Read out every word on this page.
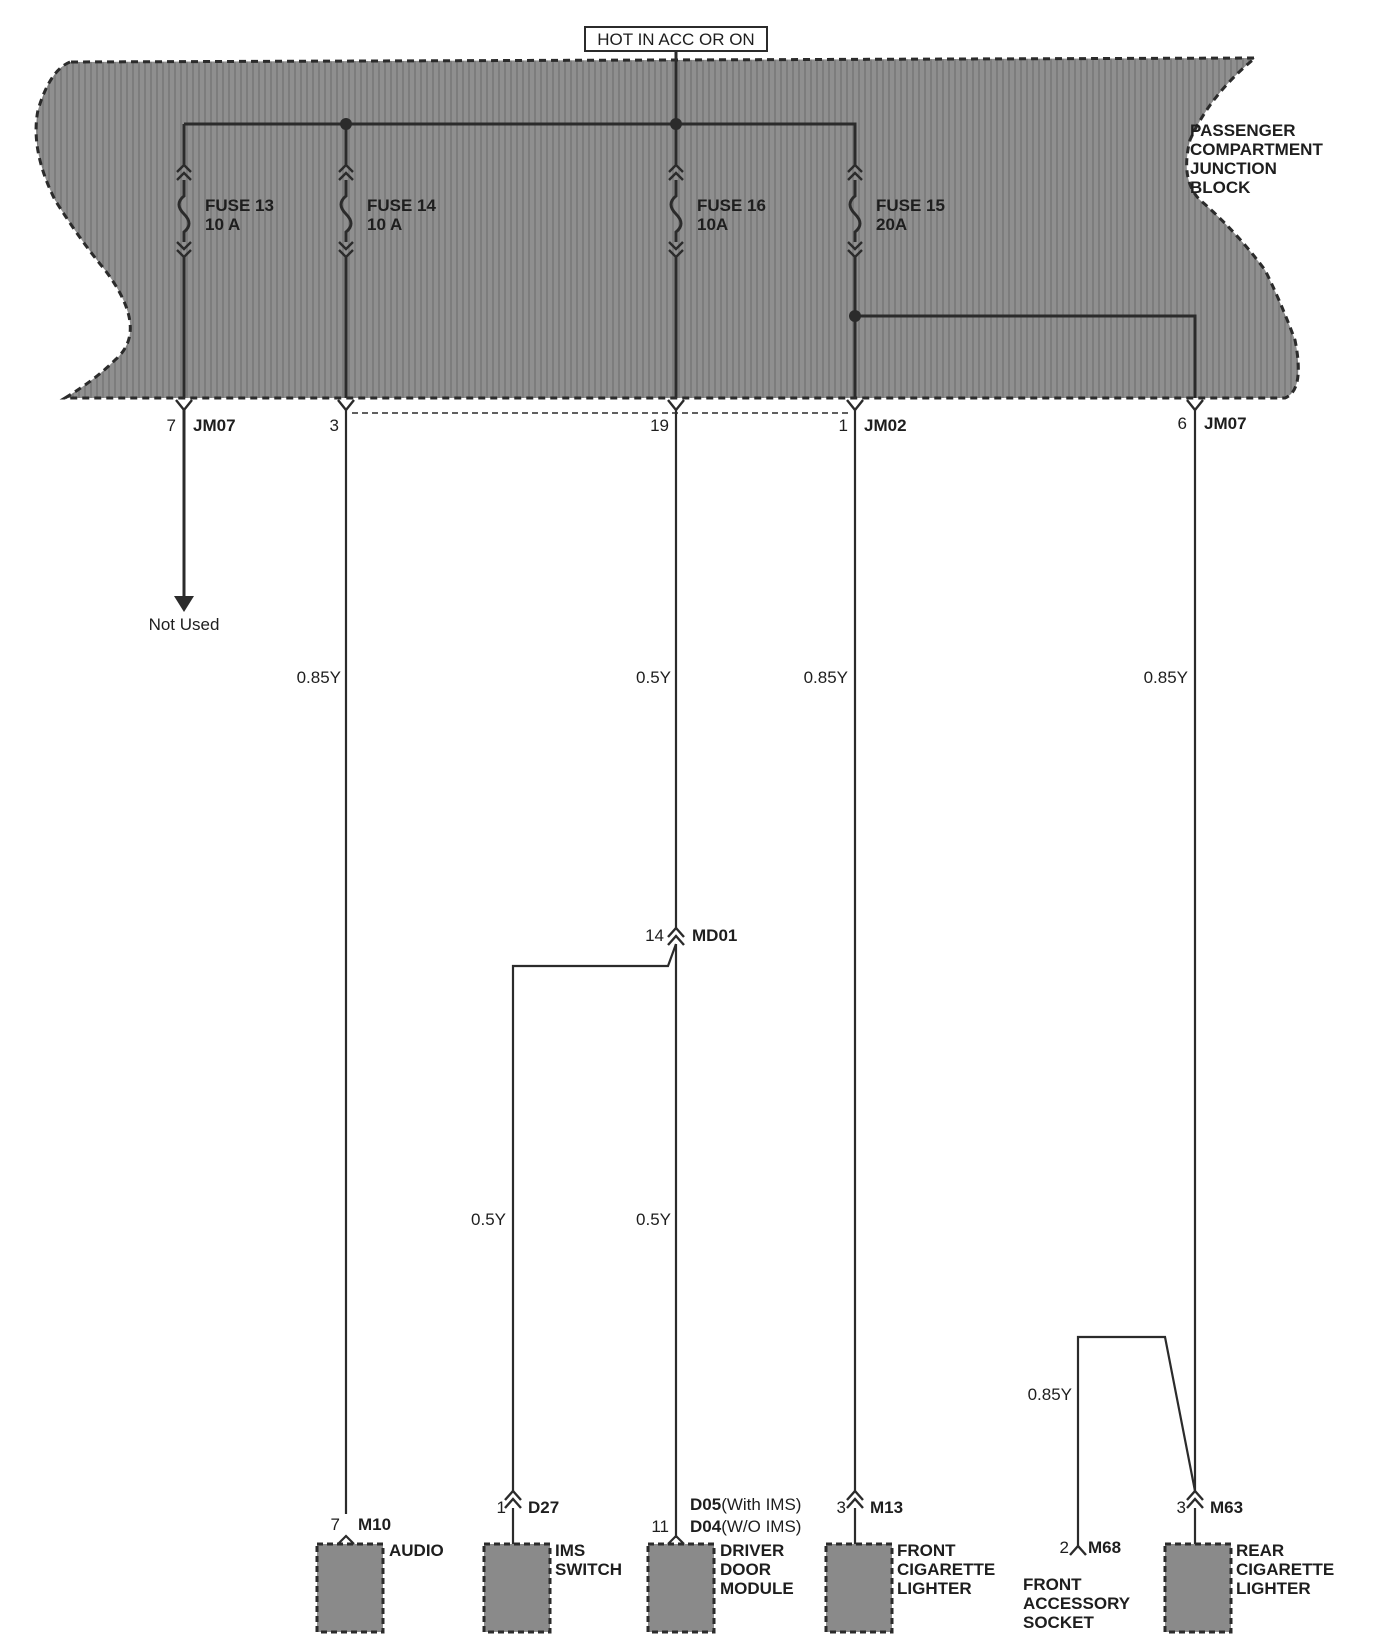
HOT IN ACC OR ON
PASSENGER COMPARTMENT JUNCTION BLOCK
FUSE 13
10 A
FUSE 14
10 A
FUSE 16
10A
FUSE 15
20A
7 JM07	3	19	1 JM02	6 JM07
Not Used
0.85Y	0.5Y	0.85Y	0.85Y
14 MD01
0.5Y	0.5Y
0.85Y
7 M10
AUDIO
1 D27
IMS
SWITCH
D05(With IMS)
D04(W/O IMS)
11
DRIVER
DOOR
MODULE
3 M13
FRONT
CIGARETTE
LIGHTER
2 M68
FRONT
ACCESSORY
SOCKET
3 M63
REAR
CIGARETTE
LIGHTER
